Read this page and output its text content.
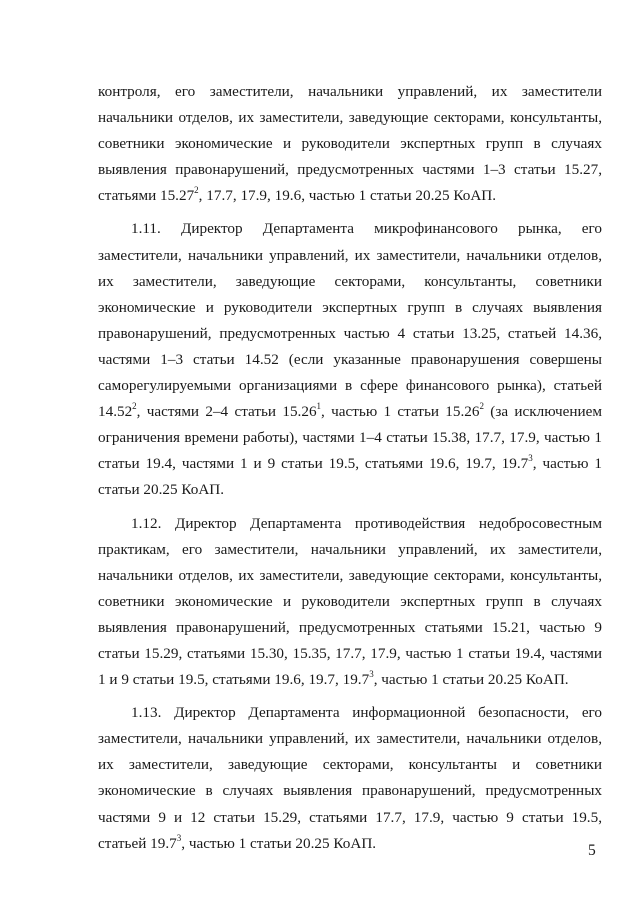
контроля, его заместители, начальники управлений, их заместители начальники отделов, их заместители, заведующие секторами, консультанты, советники экономические и руководители экспертных групп в случаях выявления правонарушений, предусмотренных частями 1–3 статьи 15.27, статьями 15.27$^2$, 17.7, 17.9, 19.6, частью 1 статьи 20.25 КоАП.

1.11. Директор Департамента микрофинансового рынка, его заместители, начальники управлений, их заместители, начальники отделов, их заместители, заведующие секторами, консультанты, советники экономические и руководители экспертных групп в случаях выявления правонарушений, предусмотренных частью 4 статьи 13.25, статьей 14.36, частями 1–3 статьи 14.52 (если указанные правонарушения совершены саморегулируемыми организациями в сфере финансового рынка), статьей 14.52$^2$, частями 2–4 статьи 15.26$^1$, частью 1 статьи 15.26$^2$ (за исключением ограничения времени работы), частями 1–4 статьи 15.38, 17.7, 17.9, частью 1 статьи 19.4, частями 1 и 9 статьи 19.5, статьями 19.6, 19.7, 19.7$^3$, частью 1 статьи 20.25 КоАП.

1.12. Директор Департамента противодействия недобросовестным практикам, его заместители, начальники управлений, их заместители, начальники отделов, их заместители, заведующие секторами, консультанты, советники экономические и руководители экспертных групп в случаях выявления правонарушений, предусмотренных статьями 15.21, частью 9 статьи 15.29, статьями 15.30, 15.35, 17.7, 17.9, частью 1 статьи 19.4, частями 1 и 9 статьи 19.5, статьями 19.6, 19.7, 19.7$^3$, частью 1 статьи 20.25 КоАП.

1.13. Директор Департамента информационной безопасности, его заместители, начальники управлений, их заместители, начальники отделов, их заместители, заведующие секторами, консультанты и советники экономические в случаях выявления правонарушений, предусмотренных частями 9 и 12 статьи 15.29, статьями 17.7, 17.9, частью 9 статьи 19.5, статьей 19.7$^3$, частью 1 статьи 20.25 КоАП.	5
